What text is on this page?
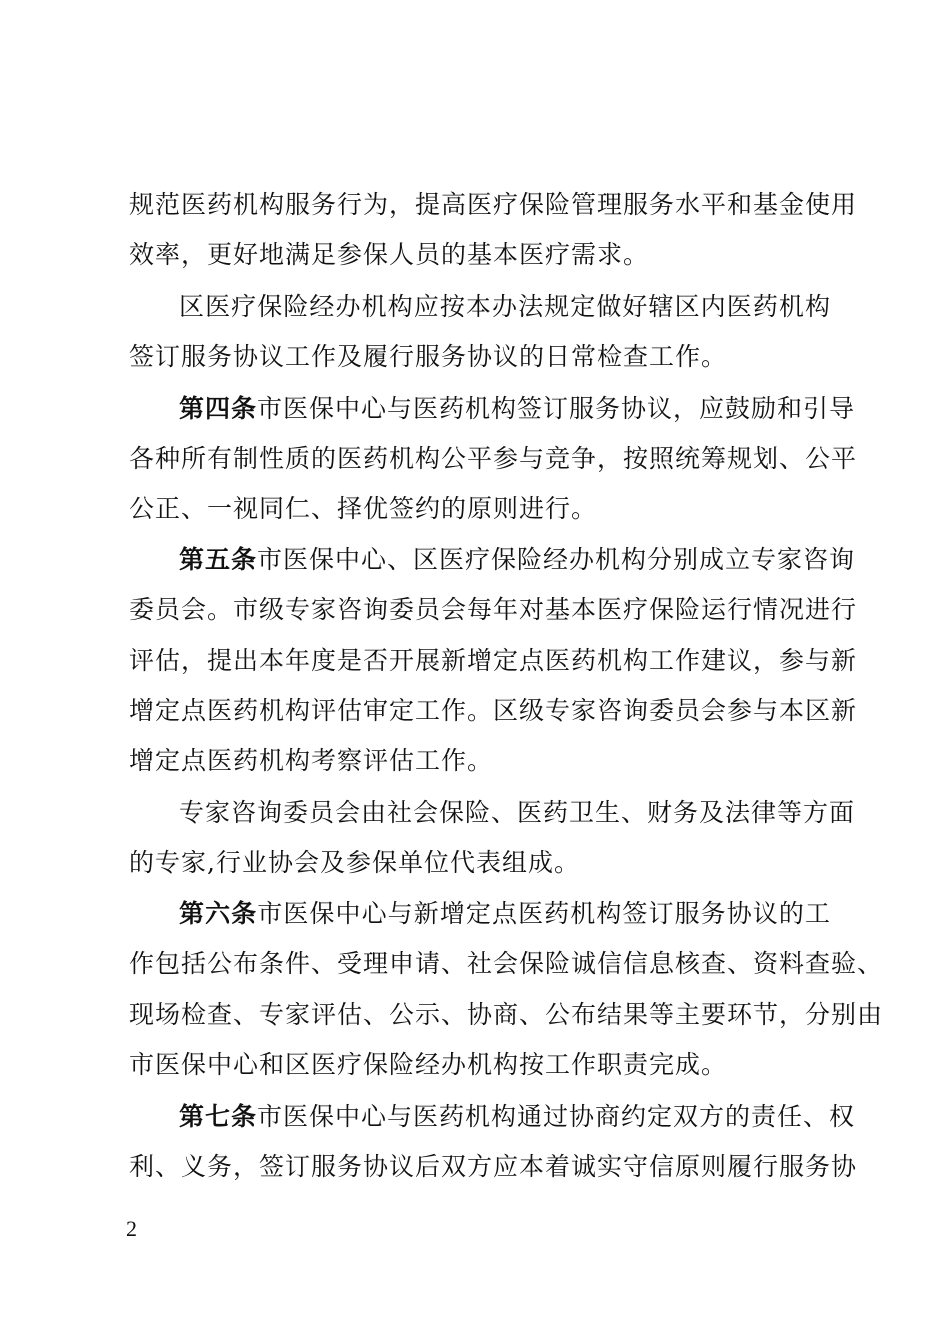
规范医药机构服务行为，提高医疗保险管理服务水平和基金使用
效率，更好地满足参保人员的基本医疗需求。
区医疗保险经办机构应按本办法规定做好辖区内医药机构
签订服务协议工作及履行服务协议的日常检查工作。
第四条市医保中心与医药机构签订服务协议，应鼓励和引导
各种所有制性质的医药机构公平参与竞争，按照统筹规划、公平
公正、一视同仁、择优签约的原则进行。
第五条市医保中心、区医疗保险经办机构分别成立专家咨询
委员会。市级专家咨询委员会每年对基本医疗保险运行情况进行
评估，提出本年度是否开展新增定点医药机构工作建议，参与新
增定点医药机构评估审定工作。区级专家咨询委员会参与本区新
增定点医药机构考察评估工作。
专家咨询委员会由社会保险、医药卫生、财务及法律等方面
的专家,行业协会及参保单位代表组成。
第六条市医保中心与新增定点医药机构签订服务协议的工
作包括公布条件、受理申请、社会保险诚信信息核查、资料查验、
现场检查、专家评估、公示、协商、公布结果等主要环节，分别由
市医保中心和区医疗保险经办机构按工作职责完成。
第七条市医保中心与医药机构通过协商约定双方的责任、权
利、义务，签订服务协议后双方应本着诚实守信原则履行服务协
2
